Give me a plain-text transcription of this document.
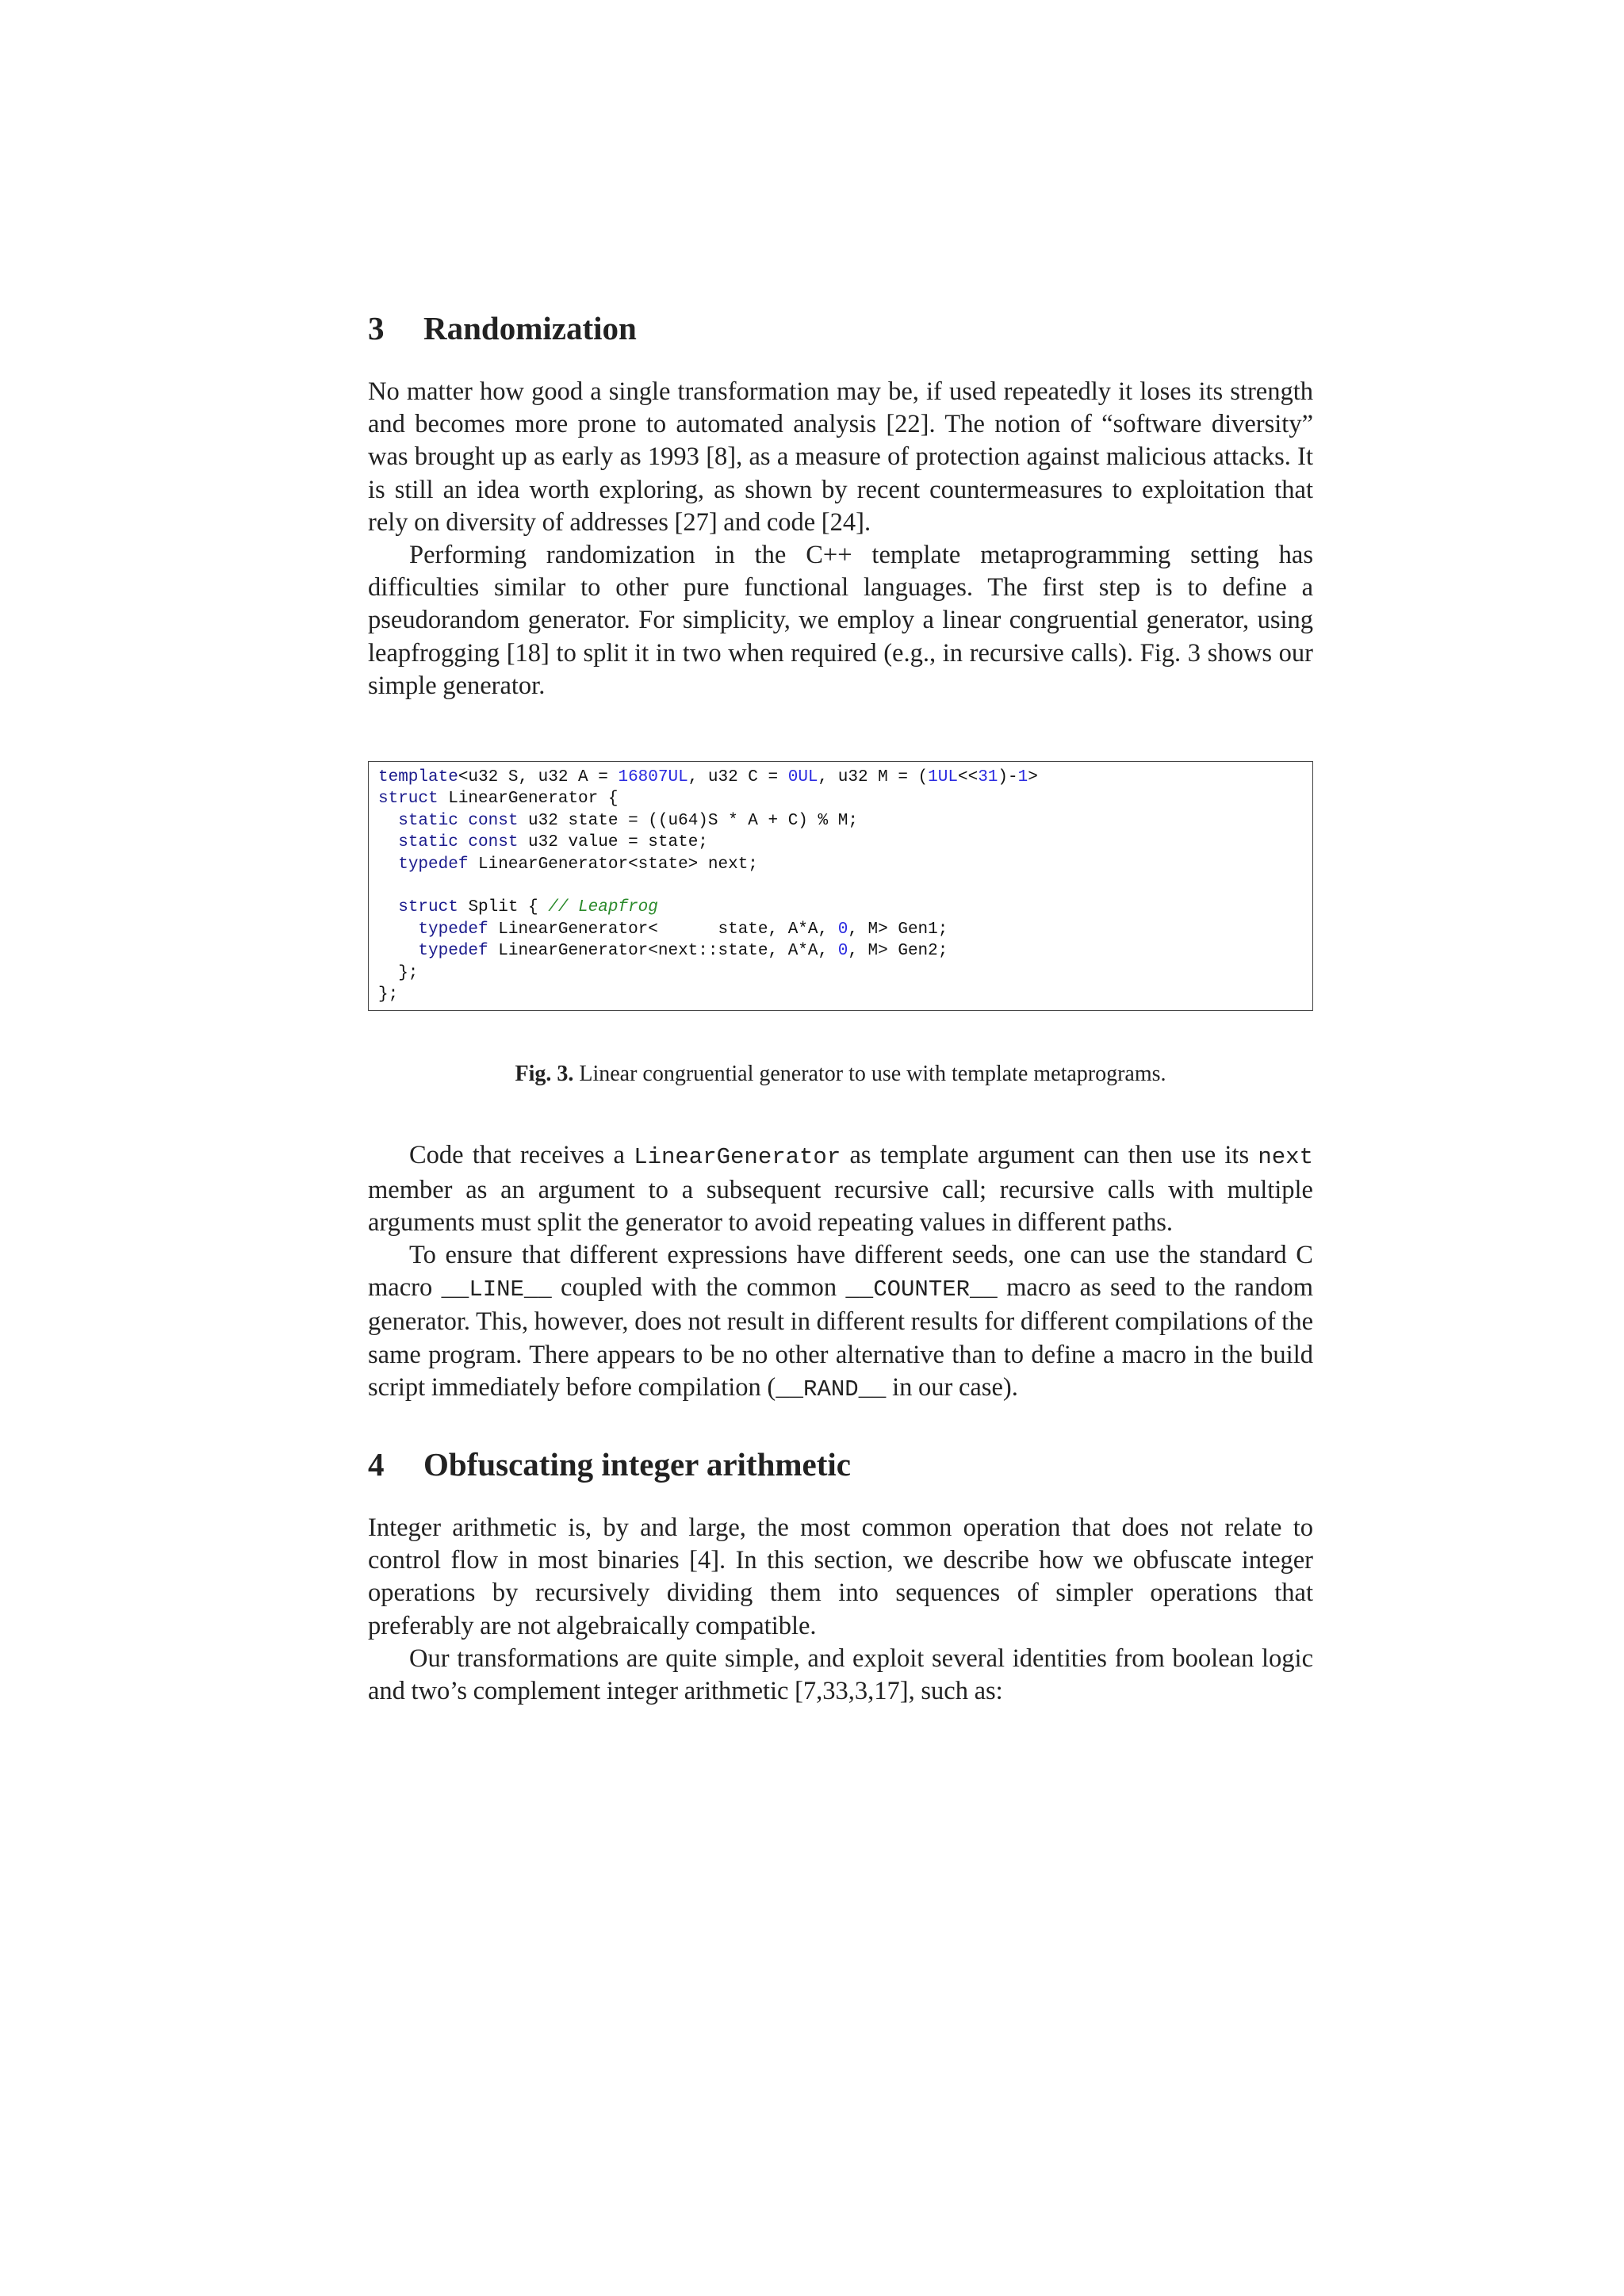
3 Randomization

No matter how good a single transformation may be, if used repeatedly it loses its strength and becomes more prone to automated analysis [22]. The notion of “software diversity” was brought up as early as 1993 [8], as a measure of protection against malicious attacks. It is still an idea worth exploring, as shown by recent countermeasures to exploitation that rely on diversity of addresses [27] and code [24].

Performing randomization in the C++ template metaprogramming setting has difficulties similar to other pure functional languages. The first step is to define a pseudorandom generator. For simplicity, we employ a linear congruential generator, using leapfrogging [18] to split it in two when required (e.g., in recursive calls). Fig. 3 shows our simple generator.

template<u32 S, u32 A = 16807UL, u32 C = 0UL, u32 M = (1UL<<31)-1>
struct LinearGenerator {
static const u32 state = ((u64)S * A + C) % M;
static const u32 value = state;
typedef LinearGenerator<state> next;
struct Split { // Leapfrog
typedef LinearGenerator<      state, A*A, 0, M> Gen1;
typedef LinearGenerator<next::state, A*A, 0, M> Gen2;
};
};
Fig. 3. Linear congruential generator to use with template metaprograms.

Code that receives a LinearGenerator as template argument can then use its next member as an argument to a subsequent recursive call; recursive calls with multiple arguments must split the generator to avoid repeating values in different paths.

To ensure that different expressions have different seeds, one can use the standard C macro __LINE__ coupled with the common __COUNTER__ macro as seed to the random generator. This, however, does not result in different results for different compilations of the same program. There appears to be no other alternative than to define a macro in the build script immediately before compilation (__RAND__ in our case).

4 Obfuscating integer arithmetic

Integer arithmetic is, by and large, the most common operation that does not relate to control flow in most binaries [4]. In this section, we describe how we obfuscate integer operations by recursively dividing them into sequences of simpler operations that preferably are not algebraically compatible.

Our transformations are quite simple, and exploit several identities from boolean logic and two’s complement integer arithmetic [7,33,3,17], such as:
